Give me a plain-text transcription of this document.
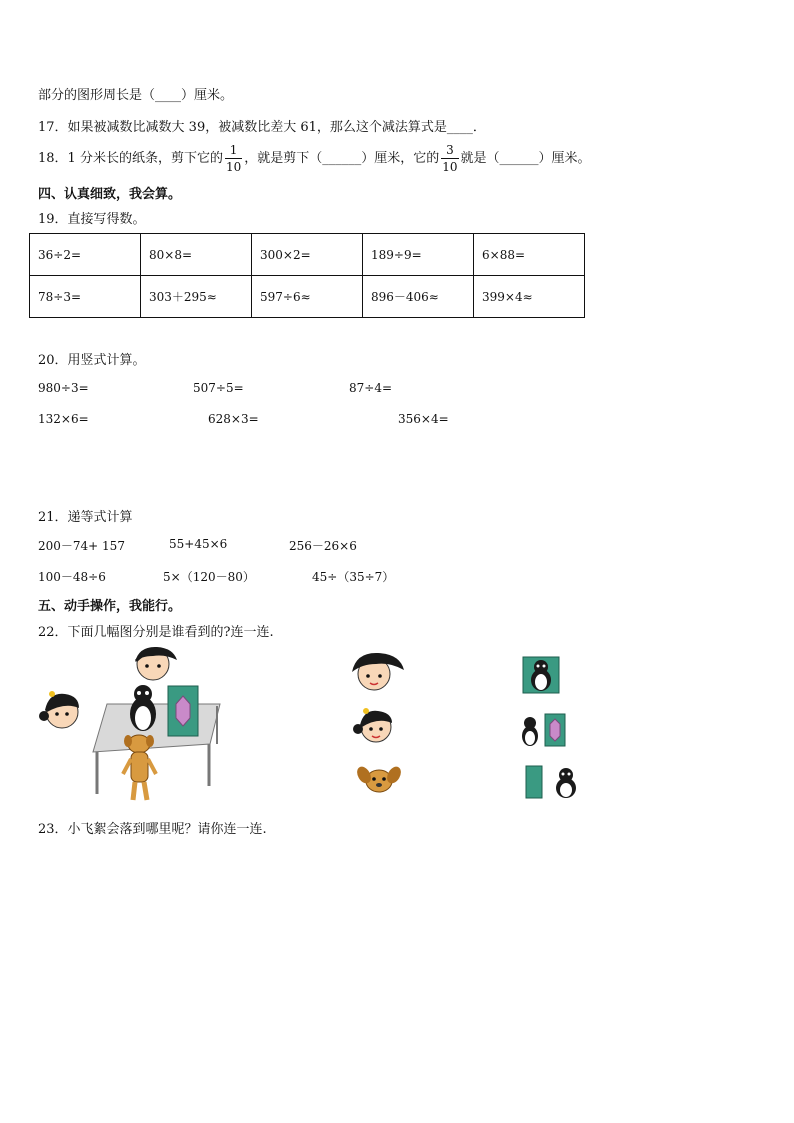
部分的图形周长是（____）厘米。
17．如果被减数比减数大 39，被减数比差大 61，那么这个减法算式是____．
18．1 分米长的纸条，剪下它的 $\frac{1}{10}$ ，就是剪下（______）厘米，它的 $\frac{3}{10}$ 就是（______）厘米。
四、认真细致，我会算。
19．直接写得数。
36÷2=	80×8=	300×2=	189÷9=	6×88=
78÷3=	303＋295≈	597÷6≈	896－406≈	399×4≈
20．用竖式计算。
980÷3=	507÷5=	87÷4=
132×6=	628×3=	356×4=
21．递等式计算
200－74+ 157	55+45×6	256－26×6
100－48÷6	5×（120－80）	45÷（35÷7）
五、动手操作，我能行。
22．下面几幅图分别是谁看到的?连一连.
23．小飞絮会落到哪里呢？请你连一连.
